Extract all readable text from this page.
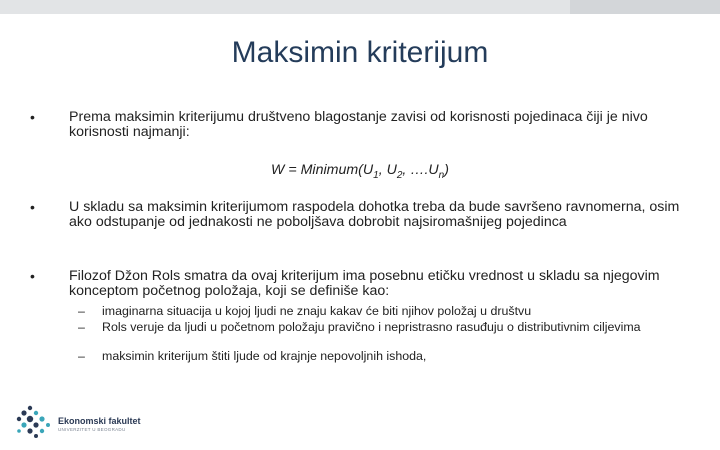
Maksimin kriterijum
• Prema maksimin kriterijumu društveno blagostanje zavisi od korisnosti pojedinaca čiji je nivo korisnosti najmanji:
$W = Minimum(U_1$, $U_2$, $\dots.U_n$)
• U skladu sa maksimin kriterijumom raspodela dohotka treba da bude savršeno ravnomerna, osim ako odstupanje od jednakosti ne poboljšava dobrobit najsiromašnijeg pojedinca
• Filozof Džon Rols smatra da ovaj kriterijum ima posebnu etičku vrednost u skladu sa njegovim konceptom početnog položaja, koji se definiše kao:
– imaginarna situacija u kojoj ljudi ne znaju kakav će biti njihov položaj u društvu
– Rols veruje da ljudi u početnom položaju pravično i nepristrasno rasuđuju o distributivnim ciljevima
– maksimin kriterijum štiti ljude od krajnje nepovoljnih ishoda,
Ekonomski fakultet
UNIVERZITET U BEOGRADU
